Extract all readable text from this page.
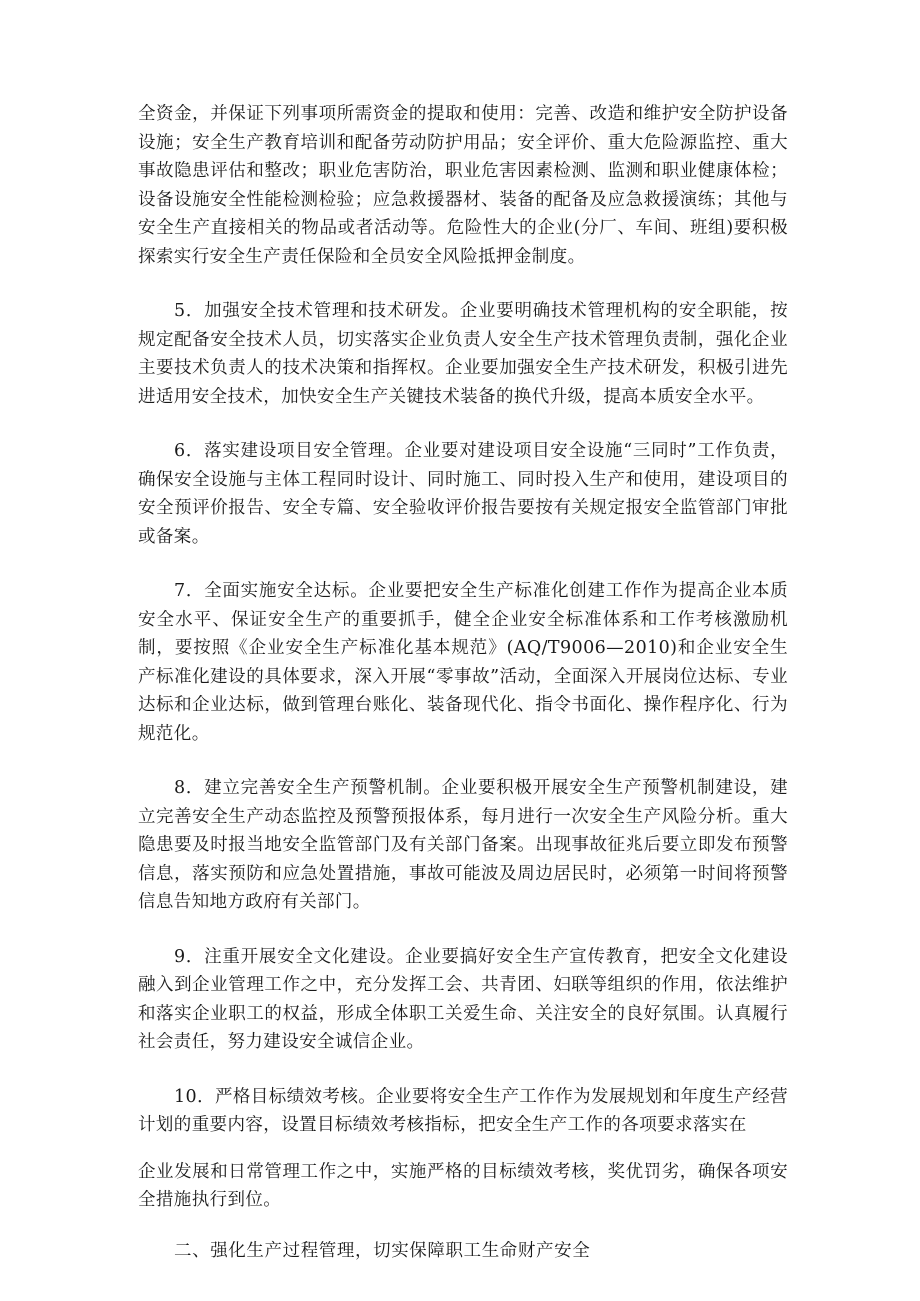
全资金，并保证下列事项所需资金的提取和使用：完善、改造和维护安全防护设备设施；安全生产教育培训和配备劳动防护用品；安全评价、重大危险源监控、重大事故隐患评估和整改；职业危害防治，职业危害因素检测、监测和职业健康体检；设备设施安全性能检测检验；应急救援器材、装备的配备及应急救援演练；其他与安全生产直接相关的物品或者活动等。危险性大的企业(分厂、车间、班组)要积极探索实行安全生产责任保险和全员安全风险抵押金制度。

5．加强安全技术管理和技术研发。企业要明确技术管理机构的安全职能，按规定配备安全技术人员，切实落实企业负责人安全生产技术管理负责制，强化企业主要技术负责人的技术决策和指挥权。企业要加强安全生产技术研发，积极引进先进适用安全技术，加快安全生产关键技术装备的换代升级，提高本质安全水平。

6．落实建设项目安全管理。企业要对建设项目安全设施“三同时”工作负责，确保安全设施与主体工程同时设计、同时施工、同时投入生产和使用，建设项目的安全预评价报告、安全专篇、安全验收评价报告要按有关规定报安全监管部门审批或备案。

7．全面实施安全达标。企业要把安全生产标准化创建工作作为提高企业本质安全水平、保证安全生产的重要抓手，健全企业安全标准体系和工作考核激励机制，要按照《企业安全生产标准化基本规范》(AQ/T9006—2010)和企业安全生产标准化建设的具体要求，深入开展“零事故”活动，全面深入开展岗位达标、专业达标和企业达标，做到管理台账化、装备现代化、指令书面化、操作程序化、行为规范化。

8．建立完善安全生产预警机制。企业要积极开展安全生产预警机制建设，建立完善安全生产动态监控及预警预报体系，每月进行一次安全生产风险分析。重大隐患要及时报当地安全监管部门及有关部门备案。出现事故征兆后要立即发布预警信息，落实预防和应急处置措施，事故可能波及周边居民时，必须第一时间将预警信息告知地方政府有关部门。

9．注重开展安全文化建设。企业要搞好安全生产宣传教育，把安全文化建设融入到企业管理工作之中，充分发挥工会、共青团、妇联等组织的作用，依法维护和落实企业职工的权益，形成全体职工关爱生命、关注安全的良好氛围。认真履行社会责任，努力建设安全诚信企业。

10．严格目标绩效考核。企业要将安全生产工作作为发展规划和年度生产经营计划的重要内容，设置目标绩效考核指标，把安全生产工作的各项要求落实在

企业发展和日常管理工作之中，实施严格的目标绩效考核，奖优罚劣，确保各项安全措施执行到位。

二、强化生产过程管理，切实保障职工生命财产安全
